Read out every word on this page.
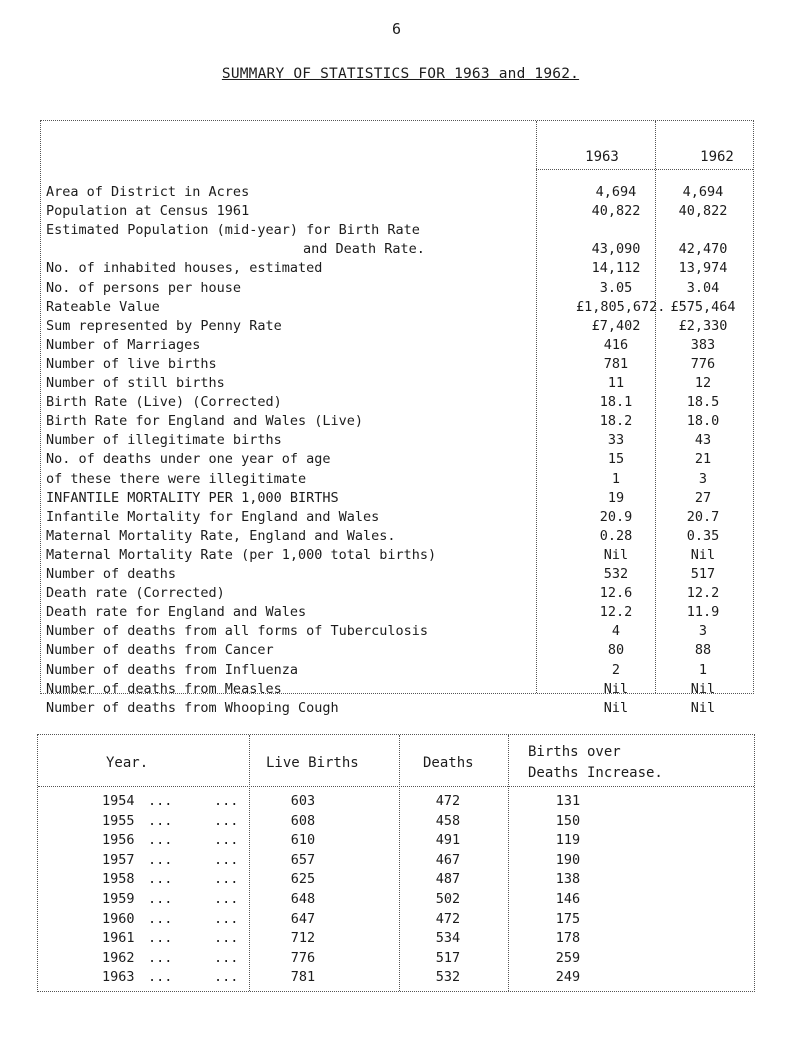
6
SUMMARY OF STATISTICS FOR 1963 and 1962.
1963	1962
Area of District in Acres	4,694	4,694
Population at Census 1961	40,822	40,822
Estimated Population (mid-year) for Birth Rate
and Death Rate.	43,090	42,470
No. of inhabited houses, estimated	14,112	13,974
No. of persons per house	3.05	3.04
Rateable Value	£1,805,672. £575,464
Sum represented by Penny Rate	£7,402	£2,330
Number of Marriages	416	383
Number of live births	781	776
Number of still births	11	12
Birth Rate (Live) (Corrected)	18.1	18.5
Birth Rate for England and Wales (Live)	18.2	18.0
Number of illegitimate births	33	43
No. of deaths under one year of age	15	21
of these there were illegitimate	1	3
INFANTILE MORTALITY PER 1,000 BIRTHS	19	27
Infantile Mortality for England and Wales	20.9	20.7
Maternal Mortality Rate, England and Wales.	0.28	0.35
Maternal Mortality Rate (per 1,000 total births)	Nil	Nil
Number of deaths	532	517
Death rate (Corrected)	12.6	12.2
Death rate for England and Wales	12.2	11.9
Number of deaths from all forms of Tuberculosis	4	3
Number of deaths from Cancer	80	88
Number of deaths from Influenza	2	1
Number of deaths from Measles	Nil	Nil
Number of deaths from Whooping Cough	Nil	Nil
Year.	Live Births	Deaths
Births over
Deaths Increase.
1954 ...	...	603	472	131
1955 ...	...	608	458	150
1956 ...	...	610	491	119
1957 ...	...	657	467	190
1958 ...	...	625	487	138
1959 ...	...	648	502	146
1960 ...	...	647	472	175
1961 ...	...	712	534	178
1962 ...	...	776	517	259
1963 ...	...	781	532	249
